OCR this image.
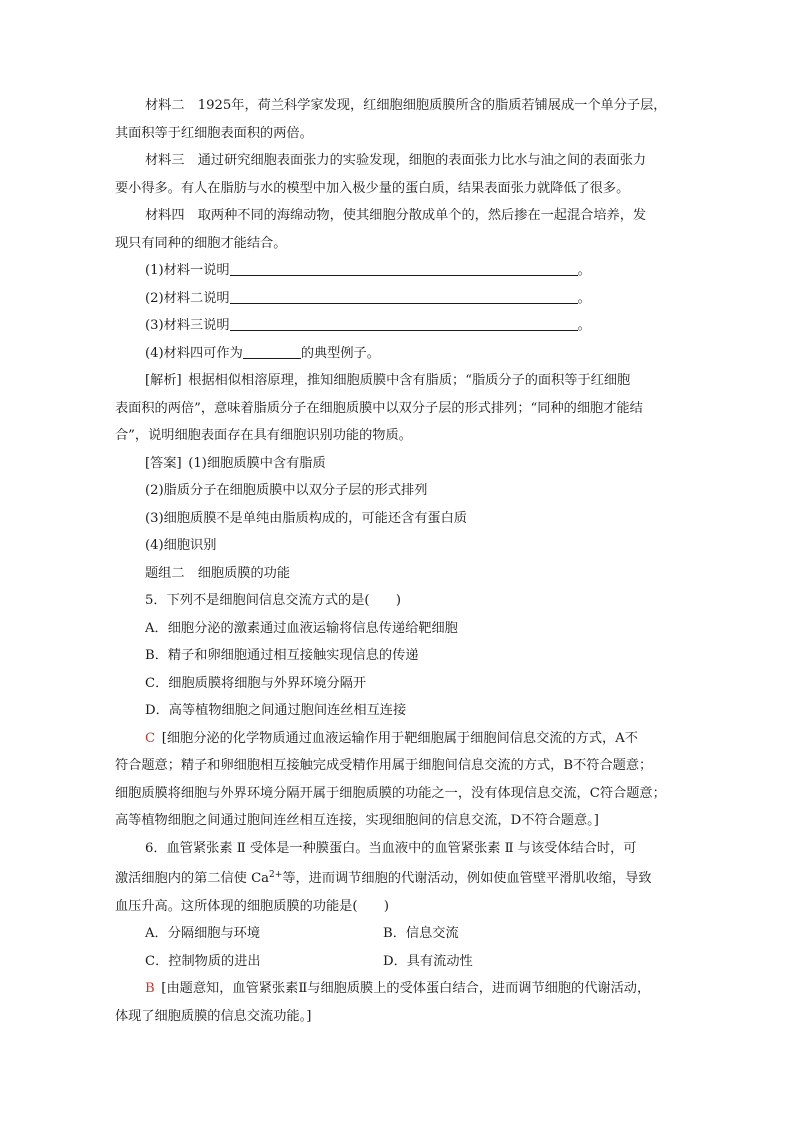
材料二  1925年，荷兰科学家发现，红细胞细胞质膜所含的脂质若铺展成一个单分子层，

其面积等于红细胞表面积的两倍。

材料三  通过研究细胞表面张力的实验发现，细胞的表面张力比水与油之间的表面张力

要小得多。有人在脂肪与水的模型中加入极少量的蛋白质，结果表面张力就降低了很多。

材料四  取两种不同的海绵动物，使其细胞分散成单个的，然后掺在一起混合培养，发

现只有同种的细胞才能结合。

(1)材料一说明	。

(2)材料二说明	。

(3)材料三说明	。

(4)材料四可作为	的典型例子。

[解析]  根据相似相溶原理，推知细胞质膜中含有脂质；“脂质分子的面积等于红细胞

表面积的两倍”，意味着脂质分子在细胞质膜中以双分子层的形式排列；“同种的细胞才能结

合”，说明细胞表面存在具有细胞识别功能的物质。

[答案]  (1)细胞质膜中含有脂质

(2)脂质分子在细胞质膜中以双分子层的形式排列

(3)细胞质膜不是单纯由脂质构成的，可能还含有蛋白质

(4)细胞识别

题组二　细胞质膜的功能

5．下列不是细胞间信息交流方式的是(　　)

A．细胞分泌的激素通过血液运输将信息传递给靶细胞

B．精子和卵细胞通过相互接触实现信息的传递

C．细胞质膜将细胞与外界环境分隔开

D．高等植物细胞之间通过胞间连丝相互连接

C  [细胞分泌的化学物质通过血液运输作用于靶细胞属于细胞间信息交流的方式，A不

符合题意；精子和卵细胞相互接触完成受精作用属于细胞间信息交流的方式，B不符合题意；

细胞质膜将细胞与外界环境分隔开属于细胞质膜的功能之一，没有体现信息交流，C符合题意；

高等植物细胞之间通过胞间连丝相互连接，实现细胞间的信息交流，D不符合题意。]

6．血管紧张素 Ⅱ 受体是一种膜蛋白。当血液中的血管紧张素 Ⅱ 与该受体结合时，可

激活细胞内的第二信使 $Ca^{2+}$等，进而调节细胞的代谢活动，例如使血管壁平滑肌收缩，导致

血压升高。这所体现的细胞质膜的功能是(　　)

A．分隔细胞与环境	B．信息交流

C．控制物质的进出	D．具有流动性

B  [由题意知，血管紧张素Ⅱ与细胞质膜上的受体蛋白结合，进而调节细胞的代谢活动，

体现了细胞质膜的信息交流功能。]
